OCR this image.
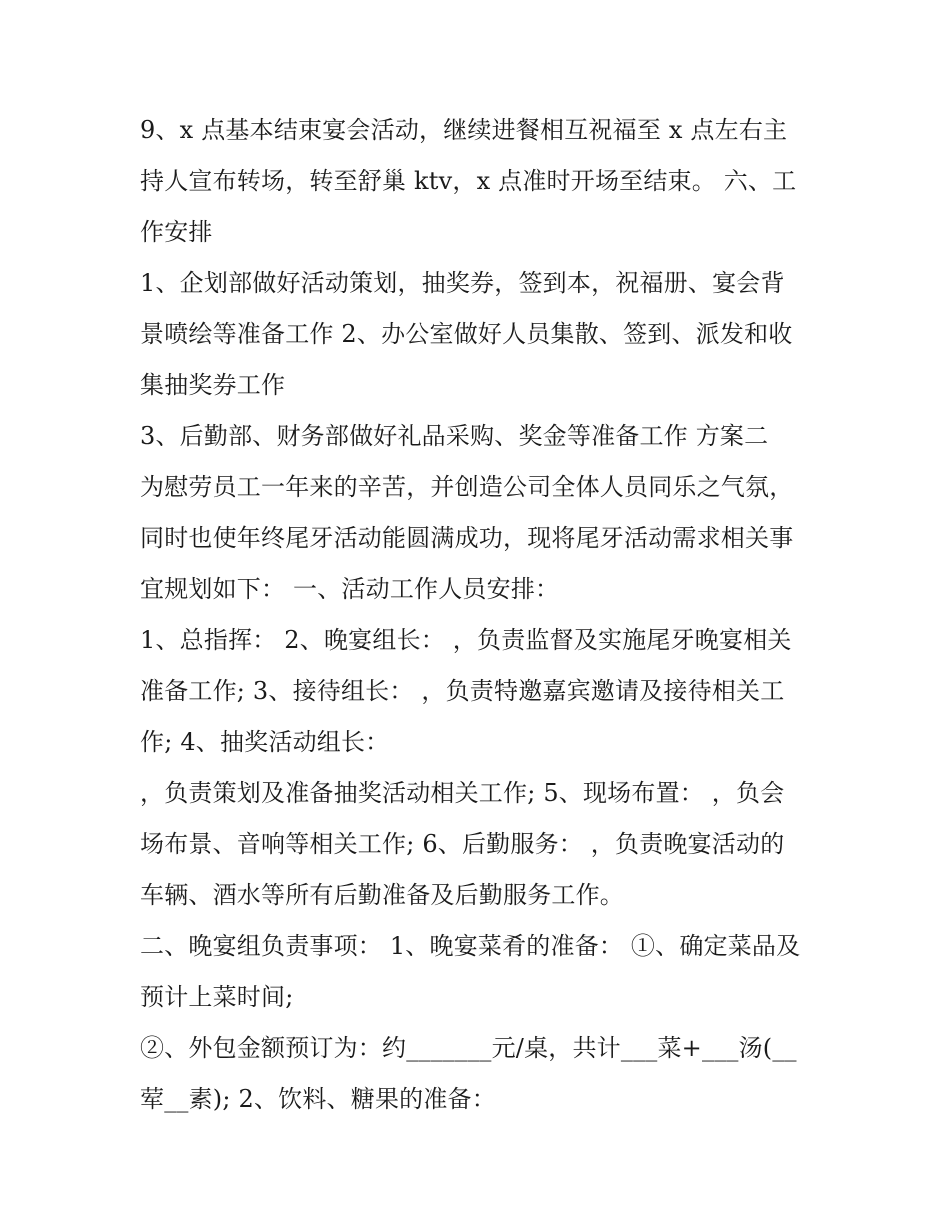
9、x 点基本结束宴会活动，继续进餐相互祝福至 x 点左右主
持人宣布转场，转至舒巢 ktv，x 点准时开场至结束。 六、工
作安排
1、企划部做好活动策划，抽奖券，签到本，祝福册、宴会背
景喷绘等准备工作 2、办公室做好人员集散、签到、派发和收
集抽奖券工作
3、后勤部、财务部做好礼品采购、奖金等准备工作 方案二
为慰劳员工一年来的辛苦，并创造公司全体人员同乐之气氛，
同时也使年终尾牙活动能圆满成功，现将尾牙活动需求相关事
宜规划如下： 一、活动工作人员安排：
1、总指挥： 2、晚宴组长： ，负责监督及实施尾牙晚宴相关
准备工作; 3、接待组长： ，负责特邀嘉宾邀请及接待相关工
作; 4、抽奖活动组长：
，负责策划及准备抽奖活动相关工作; 5、现场布置： ，负会
场布景、音响等相关工作; 6、后勤服务： ，负责晚宴活动的
车辆、酒水等所有后勤准备及后勤服务工作。
二、晚宴组负责事项： 1、晚宴菜肴的准备： ①、确定菜品及
预计上菜时间;
②、外包金额预订为：约_______元/桌，共计___菜+___汤(__
荤__素); 2、饮料、糖果的准备：
